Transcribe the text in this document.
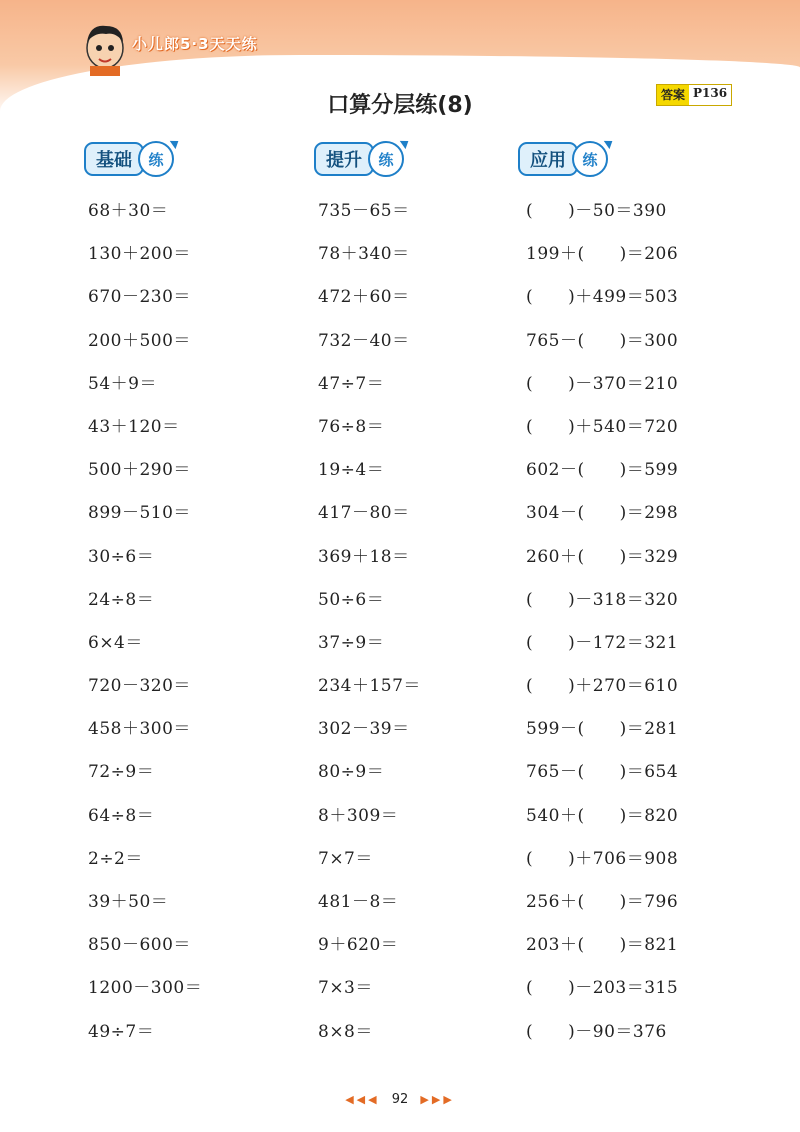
小儿郎5·3天天练
口算分层练(8)	答案 P136
基础	练	提升	练	应用	练
68＋30＝
130＋200＝
670－230＝
200＋500＝
54＋9＝
43＋120＝
500＋290＝
899－510＝
30÷6＝
24÷8＝
6×4＝
720－320＝
458＋300＝
72÷9＝
64÷8＝
2÷2＝
39＋50＝
850－600＝
1200－300＝
49÷7＝
735－65＝
78＋340＝
472＋60＝
732－40＝
47÷7＝
76÷8＝
19÷4＝
417－80＝
369＋18＝
50÷6＝
37÷9＝
234＋157＝
302－39＝
80÷9＝
8＋309＝
7×7＝
481－8＝
9＋620＝
7×3＝
8×8＝
(　　)－50＝390
199＋(　　)＝206
(　　)＋499＝503
765－(　　)＝300
(　　)－370＝210
(　　)＋540＝720
602－(　　)＝599
304－(　　)＝298
260＋(　　)＝329
(　　)－318＝320
(　　)－172＝321
(　　)＋270＝610
599－(　　)＝281
765－(　　)＝654
540＋(　　)＝820
(　　)＋706＝908
256＋(　　)＝796
203＋(　　)＝821
(　　)－203＝315
(　　)－90＝376
◀◀◀ 92 ▶▶▶
